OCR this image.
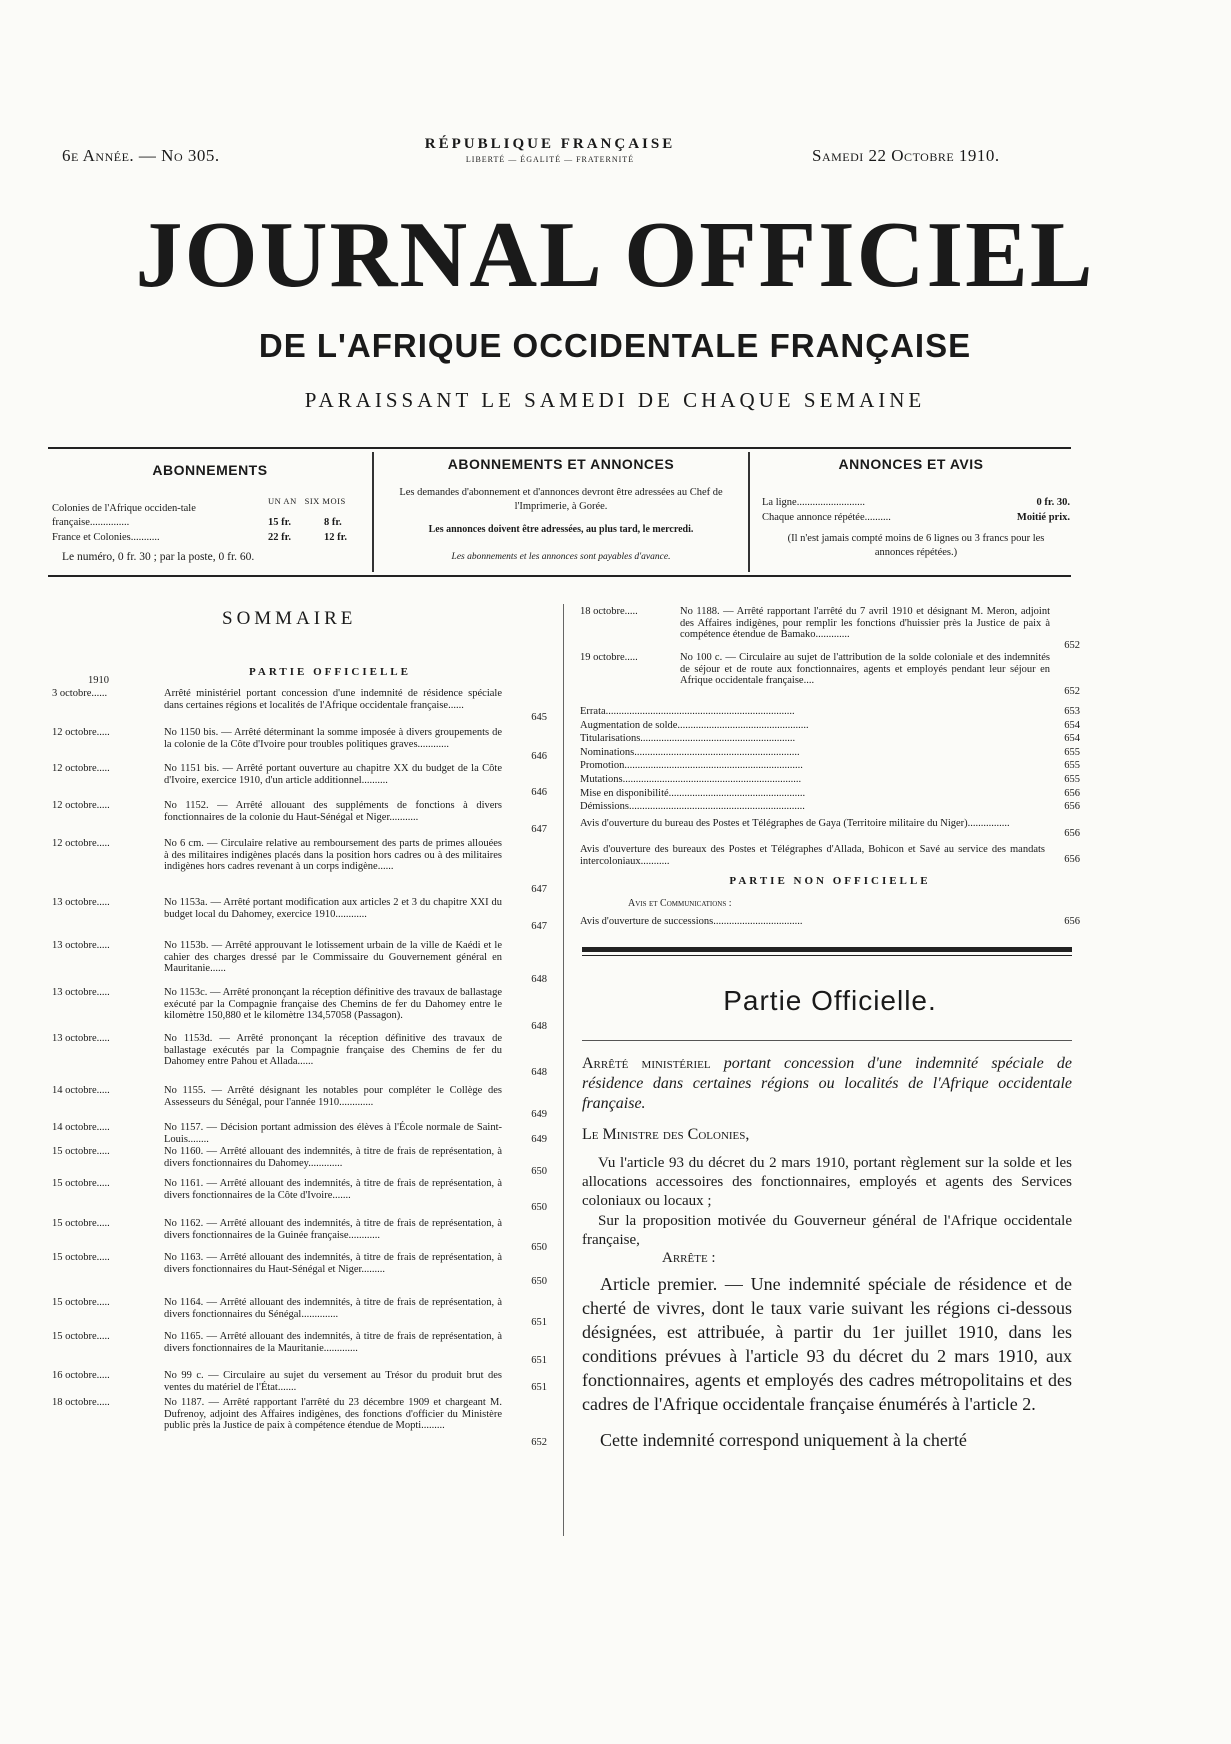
6e Année. — No 305.
RÉPUBLIQUE FRANÇAISE
LIBERTÉ — ÉGALITÉ — FRATERNITÉ	Samedi 22 Octobre 1910.
JOURNAL OFFICIEL
DE L'AFRIQUE OCCIDENTALE FRANÇAISE
PARAISSANT LE SAMEDI DE CHAQUE SEMAINE
ABONNEMENTS
UN AN SIX MOIS
Colonies de l'Afrique occiden-tale française...............	15 fr.	8 fr.
France et Colonies...........	22 fr.	12 fr.
Le numéro, 0 fr. 30 ; par la poste, 0 fr. 60.
ABONNEMENTS ET ANNONCES
Les demandes d'abonnement et d'annonces devront être adressées au Chef de l'Imprimerie, à Gorée.
Les annonces doivent être adressées, au plus tard, le mercredi.
Les abonnements et les annonces sont payables d'avance.
ANNONCES ET AVIS
La ligne..........................	0 fr. 30.
Chaque annonce répétée..........	Moitié prix.
(Il n'est jamais compté moins de 6 lignes ou 3 francs pour les annonces répétées.)
SOMMAIRE
PARTIE OFFICIELLE
1910
3 octobre......	Arrêté ministériel portant concession d'une indemnité de résidence spéciale dans certaines régions et localités de l'Afrique occidentale française......
645
12 octobre.....	No 1150 bis. — Arrêté déterminant la somme imposée à divers groupements de la colonie de la Côte d'Ivoire pour troubles politiques graves............
646
12 octobre.....	No 1151 bis. — Arrêté portant ouverture au chapitre XX du budget de la Côte d'Ivoire, exercice 1910, d'un article additionnel..........
646
12 octobre.....	No 1152. — Arrêté allouant des suppléments de fonctions à divers fonctionnaires de la colonie du Haut-Sénégal et Niger...........
647
12 octobre.....	No 6 cm. — Circulaire relative au remboursement des parts de primes allouées à des militaires indigènes placés dans la position hors cadres ou à des militaires indigènes hors cadres revenant à un corps indigène......
647
13 octobre.....	No 1153a. — Arrêté portant modification aux articles 2 et 3 du chapitre XXI du budget local du Dahomey, exercice 1910............
647
13 octobre.....	No 1153b. — Arrêté approuvant le lotissement urbain de la ville de Kaédi et le cahier des charges dressé par le Commissaire du Gouvernement général en Mauritanie......
648
13 octobre.....	No 1153c. — Arrêté prononçant la réception définitive des travaux de ballastage exécuté par la Compagnie française des Chemins de fer du Dahomey entre le kilomètre 150,880 et le kilomètre 134,57058 (Passagon).
648
13 octobre.....	No 1153d. — Arrêté prononçant la réception définitive des travaux de ballastage exécutés par la Compagnie française des Chemins de fer du Dahomey entre Pahou et Allada......
648
14 octobre.....	No 1155. — Arrêté désignant les notables pour compléter le Collège des Assesseurs du Sénégal, pour l'année 1910.............
649
14 octobre.....	No 1157. — Décision portant admission des élèves à l'École normale de Saint-Louis........	649
15 octobre.....	No 1160. — Arrêté allouant des indemnités, à titre de frais de représentation, à divers fonctionnaires du Dahomey.............
650
15 octobre.....	No 1161. — Arrêté allouant des indemnités, à titre de frais de représentation, à divers fonctionnaires de la Côte d'Ivoire.......
650
15 octobre.....	No 1162. — Arrêté allouant des indemnités, à titre de frais de représentation, à divers fonctionnaires de la Guinée française............
650
15 octobre.....	No 1163. — Arrêté allouant des indemnités, à titre de frais de représentation, à divers fonctionnaires du Haut-Sénégal et Niger.........
650
15 octobre.....	No 1164. — Arrêté allouant des indemnités, à titre de frais de représentation, à divers fonctionnaires du Sénégal..............
651
15 octobre.....	No 1165. — Arrêté allouant des indemnités, à titre de frais de représentation, à divers fonctionnaires de la Mauritanie.............
651
16 octobre.....	No 99 c. — Circulaire au sujet du versement au Trésor du produit brut des ventes du matériel de l'État.......	651
18 octobre.....	No 1187. — Arrêté rapportant l'arrêté du 23 décembre 1909 et chargeant M. Dufrenoy, adjoint des Affaires indigènes, des fonctions d'officier du Ministère public près la Justice de paix à compétence étendue de Mopti.........
652
18 octobre.....	No 1188. — Arrêté rapportant l'arrêté du 7 avril 1910 et désignant M. Meron, adjoint des Affaires indigènes, pour remplir les fonctions d'huissier près la Justice de paix à compétence étendue de Bamako.............
652
19 octobre.....	No 100 c. — Circulaire au sujet de l'attribution de la solde coloniale et des indemnités de séjour et de route aux fonctionnaires, agents et employés pendant leur séjour en Afrique occidentale française....
652
Errata........................................................................	653
Augmentation de solde..................................................	654
Titularisations...........................................................	654
Nominations...............................................................	655
Promotion....................................................................	655
Mutations....................................................................	655
Mise en disponibilité....................................................	656
Démissions...................................................................	656
Avis d'ouverture du bureau des Postes et Télégraphes de Gaya (Territoire militaire du Niger)................
656
Avis d'ouverture des bureaux des Postes et Télégraphes d'Allada, Bohicon et Savé au service des mandats intercoloniaux...........	656
PARTIE NON OFFICIELLE
Avis et Communications :
Avis d'ouverture de successions..................................	656
Partie Officielle.
Arrêté ministériel portant concession d'une indemnité spéciale de résidence dans certaines régions ou localités de l'Afrique occidentale française.
Le Ministre des Colonies,
Vu l'article 93 du décret du 2 mars 1910, portant règlement sur la solde et les allocations accessoires des fonctionnaires, employés et agents des Services coloniaux ou locaux ;
Sur la proposition motivée du Gouverneur général de l'Afrique occidentale française,
Arrête :
Article premier. — Une indemnité spéciale de résidence et de cherté de vivres, dont le taux varie suivant les régions ci-dessous désignées, est attribuée, à partir du 1er juillet 1910, dans les conditions prévues à l'article 93 du décret du 2 mars 1910, aux fonctionnaires, agents et employés des cadres métropolitains et des cadres de l'Afrique occidentale française énumérés à l'article 2.
Cette indemnité correspond uniquement à la cherté
